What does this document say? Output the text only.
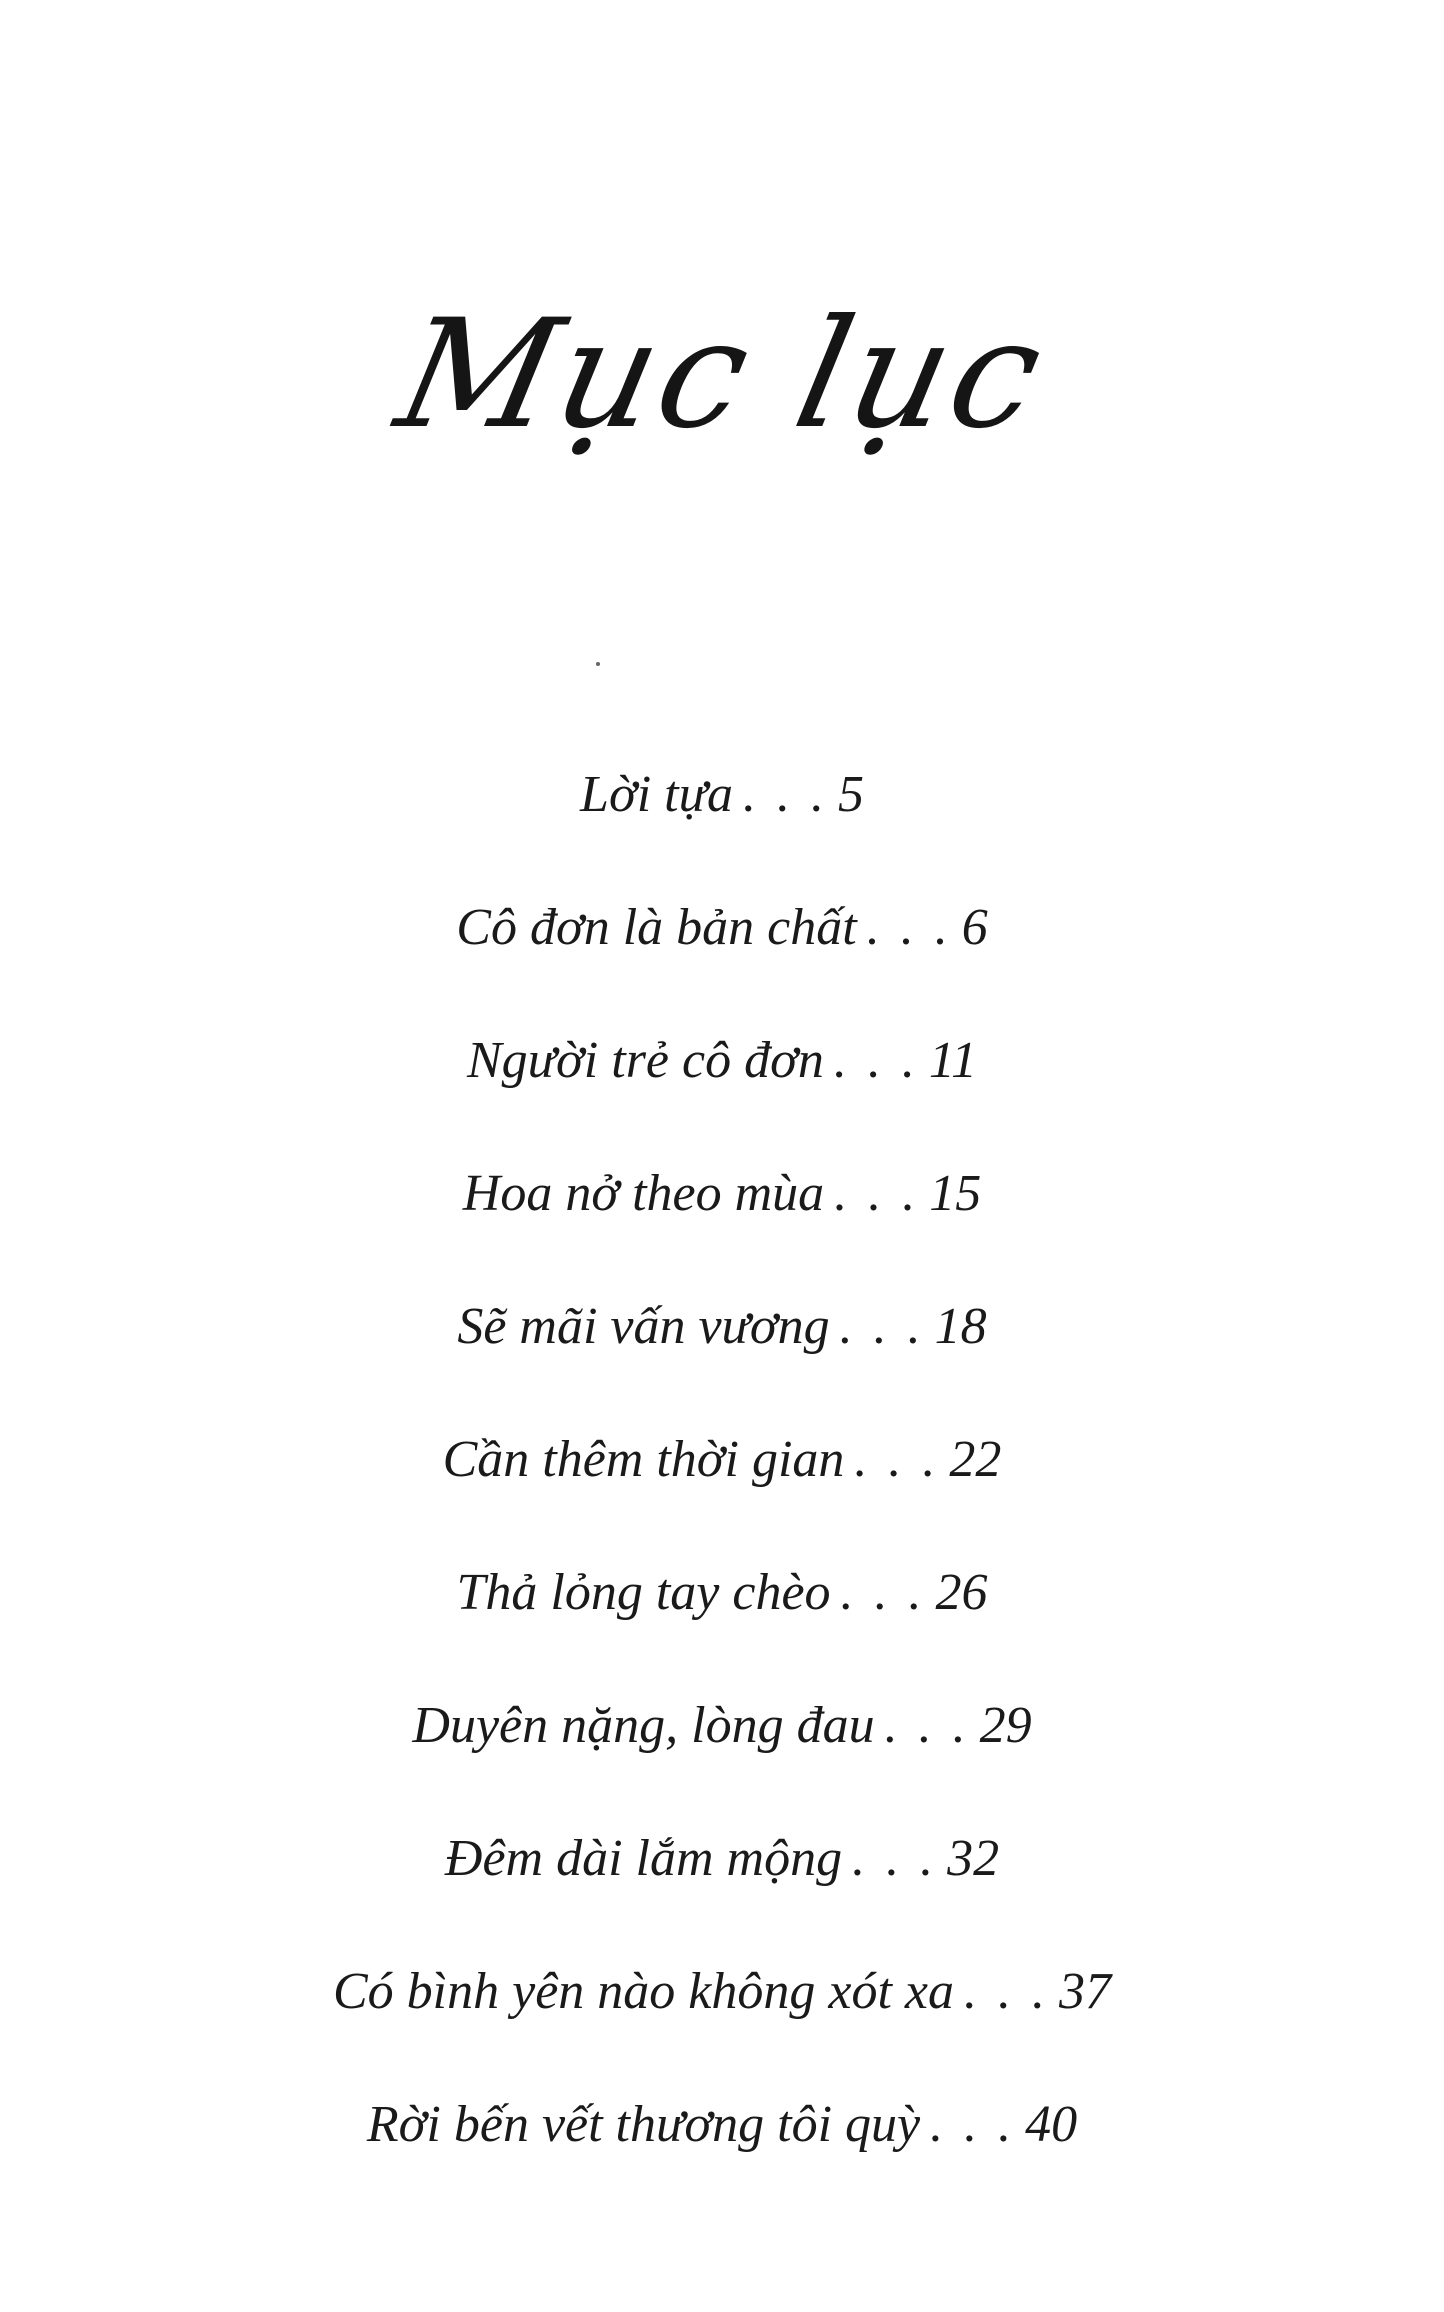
Mục lục
Lời tựa . . . 5
Cô đơn là bản chất . . . 6
Người trẻ cô đơn . . . 11
Hoa nở theo mùa . . . 15
Sẽ mãi vấn vương . . . 18
Cần thêm thời gian . . . 22
Thả lỏng tay chèo . . . 26
Duyên nặng, lòng đau . . . 29
Đêm dài lắm mộng . . . 32
Có bình yên nào không xót xa . . . 37
Rời bến vết thương tôi quỳ . . . 40
